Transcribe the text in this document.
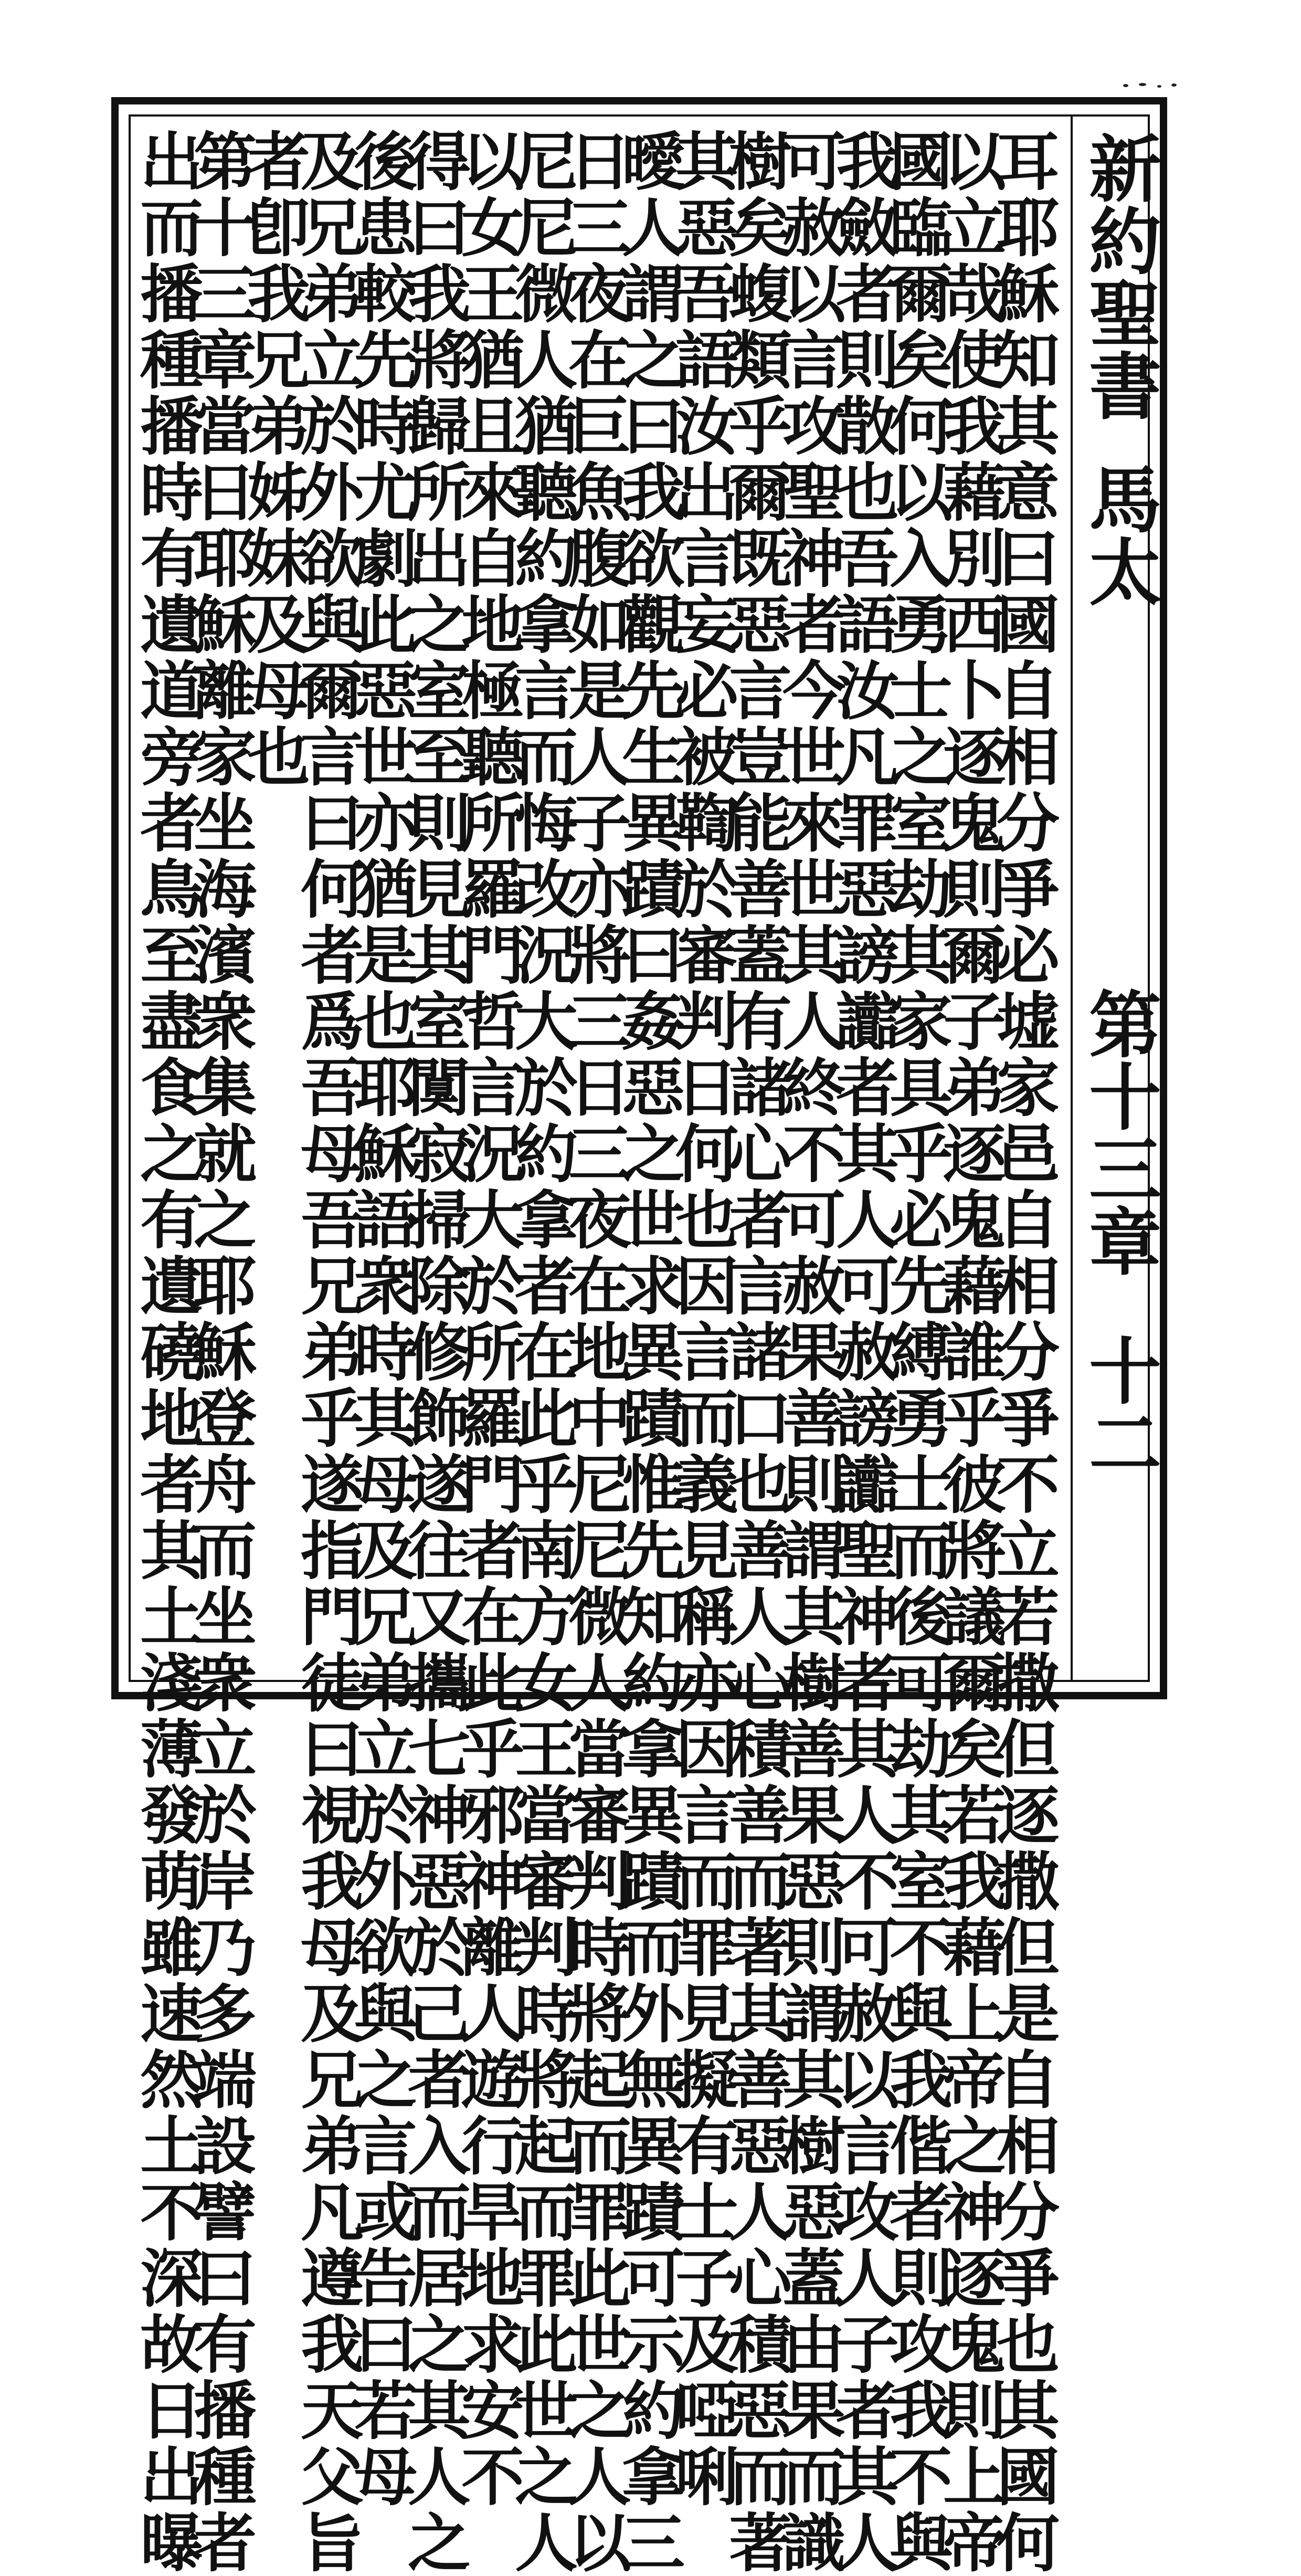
新約聖書
馬太
第十三章
十二
耳耶穌知其意曰國自相分爭必墟家邑自相分爭不立若撒但逐撒但是自相分爭也其國何
以立哉使我藉別西卜逐鬼則爾子弟逐鬼藉誰乎彼將議爾矣若我藉上帝之神逐鬼則上帝
國臨爾矣何以入勇士之室劫其家具乎必先縛勇士而後可劫其室不與我偕者則攻我不與
我斂者則散也吾語汝凡罪惡謗讟者其人可赦謗讟聖神者其人不可赦以言攻人子者其人
可赦以言攻聖神者今世來世其人終不可赦果善則謂其樹善果惡則謂其樹惡蓋由果而識
樹矣蝮類乎爾既惡言豈能善蓋有諸心者言諸口也善人心積善而著其善惡人心積惡而著
其惡吾語汝出言妄必被鞫於審判日何也因言而義見稱亦因言而罪見擬有士子及啞唎
曖人謂之曰我欲觀先生異蹟曰姦惡之世求異蹟惟先知約拿異蹟而外無異蹟可示約拿三
日三夜在巨魚腹如是人子亦將三日三夜在地中尼尼微人當審判時將起而罪此世之人以
尼尼微人猶聽約拿言而悔改況大於約拿者在此乎南方女王當審判時將起而罪此世之人
以女王猶且來自地極聽所羅門哲言況大於所羅門者在此乎邪神離人遊行旱地求安不
得曰我將歸所出之室至則見其室闃寂掃除修飾遂往又攜七神惡於己者入而居之其人之
後患較先時尤劇此惡世亦猶是也耶穌語衆時其母及兄弟立於外欲與之言或告曰若母
及兄弟立於外欲與爾言曰何者爲吾母吾兄弟乎遂指門徒曰視我母及兄弟凡遵我天父旨
者卽我兄弟姊妹及母也
第十三章當日耶穌離家坐海濱衆集就之耶穌登舟而坐衆立於岸乃多端設譬曰有播種者
出而播種播時有遺道旁者鳥至盡食之有遺磽地者其土淺薄發萌雖速然土不深故日出曝
